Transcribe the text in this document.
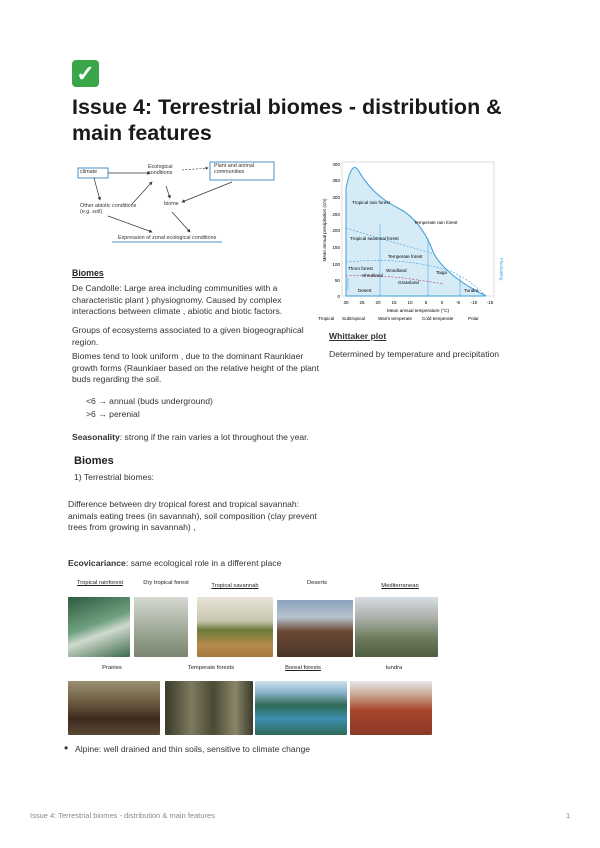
✓
Issue 4: Terrestrial biomes - distribution & main features
climate
Ecological conditions
Plant and animal communities
Other abiotic conditions (e.g. soil)
biome
Expression of zonal ecological conditions
Biomes
De Candolle: Large area including communities with a characteristic plant ) physiognomy. Caused by complex interactions between climate , abiotic and biotic factors.
Groups of ecosystems associated to a given biogeographical region.
Biomes tend to look uniform , due to the dominant Raunkiaer growth forms (Raunkiaer based on the relative height of the plant buds regarding the soil.
<6 → annual (buds underground)
>6 → perenial
Seasonality: strong if the rain varies a lot throughout the year.
400
350
300
250
200
150
100
50
0
30 25 20 15 10	5	0	-5 -10 -15
Mean annual temperature (°C)
Mean annual precipitation (cm)	Tropical rain forest
Temperate rain forest
Tropical seasonal forest
Temperate forest
Thorn forest	Woodland
Shrubland
Grassland
Taiga
Desert	Tundra
Tropical Subtropical	Warm temperate Cold temperate	Polar
Fluctuating
Whittaker plot
Determined by temperature and precipitation
Biomes
1) Terrestrial biomes:
Difference between dry tropical forest and tropical savannah: animals eating trees (in savannah), soil composition (clay prevent trees from growing in savannah) ,
Ecovicariance: same ecological role in a different place
Tropical rainforest	Dry tropical forest	Tropical savannah	Deserts	Mediterranean
Prairies	Temperate forests	Boreal forests	tundra
• Alpine: well drained and thin soils, sensitive to climate change
Issue 4: Terrestrial biomes - distribution & main features	1
